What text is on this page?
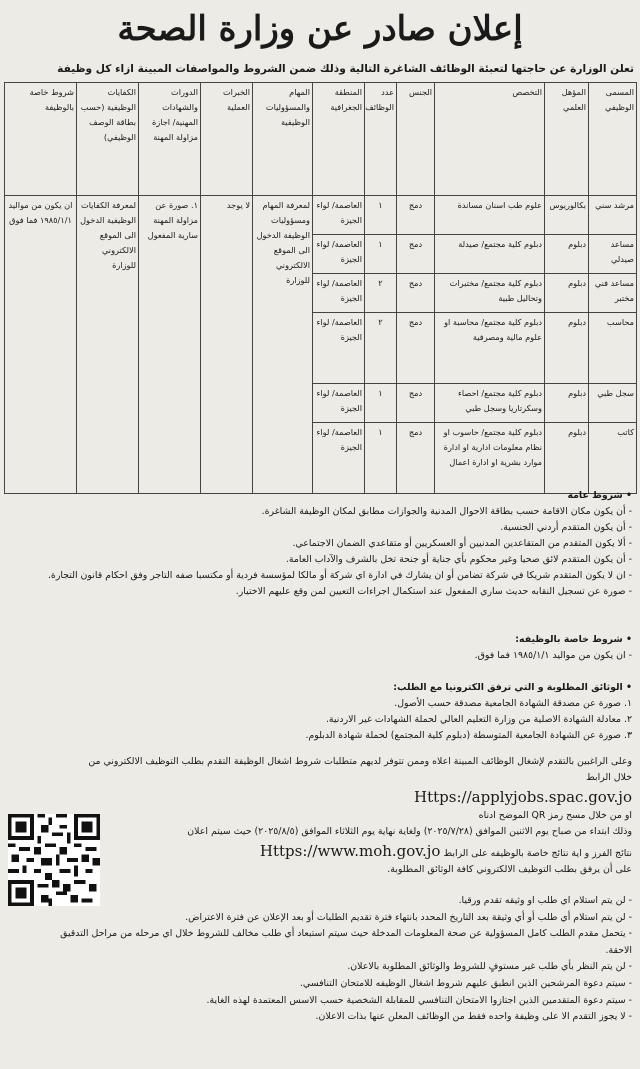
إعلان صادر عن وزارة الصحة
تعلن الوزارة عن حاجتها لتعبئة الوظائف الشاغرة التالية وذلك ضمن الشروط والمواصفات المبينة ازاء كل وظيفة
المسمى الوظيفي	المؤهل العلمي	التخصص	الجنس	عدد الوظائف	المنطقة الجغرافية	المهام والمسؤوليات الوظيفية	الخبرات العملية	الدورات والشهادات المهنية/ اجازة مزاولة المهنة	الكفايات الوظيفية (حسب بطاقة الوصف الوظيفي)	شروط خاصة بالوظيفة
مرشد سني	بكالوريوس	علوم طب اسنان مساندة	دمج	١	العاصمة/ لواء الجيزة	لمعرفة المهام ومسؤوليات الوظيفة الدخول الى الموقع الالكتروني للوزارة	لا يوجد	١. صورة عن مزاولة المهنة سارية المفعول	لمعرفة الكفايات الوظيفية الدخول الى الموقع الالكتروني للوزارة	ان يكون من مواليد ١٩٨٥/١/١ فما فوق
مساعد صيدلي	دبلوم	دبلوم كلية مجتمع/ صيدلة	دمج	١	العاصمة/ لواء الجيزة					
مساعد فني مختبر	دبلوم	دبلوم كلية مجتمع/ مختبرات وتحاليل طبية	دمج	٢	العاصمة/ لواء الجيزة					
محاسب	دبلوم	دبلوم كلية مجتمع/ محاسبة او علوم مالية ومصرفية	دمج	٢	العاصمة/ لواء الجيزة					
سجل طبي	دبلوم	دبلوم كلية مجتمع/ احصاء وسكرتاريا وسجل طبي	دمج	١	العاصمة/ لواء الجيزة					
كاتب	دبلوم	دبلوم كلية مجتمع/ حاسوب او نظام معلومات ادارية او ادارة موارد بشرية او ادارة اعمال	دمج	١	العاصمة/ لواء الجيزة					

• شروط عامة

- أن يكون مكان الاقامة حسب بطاقة الاحوال المدنية والجوازات مطابق لمكان الوظيفة الشاغرة.

- أن يكون المتقدم أردني الجنسية.

- ألا يكون المتقدم من المتقاعدين المدنيين أو العسكريين أو متقاعدي الضمان الاجتماعي.

- أن يكون المتقدم لائق صحيا وغير محكوم بأي جناية أو جنحة تخل بالشرف والآداب العامة.

- ان لا يكون المتقدم شريكا في شركة تضامن أو ان يشارك في ادارة اي شركة أو مالكا لمؤسسة فردية أو مكتسبا صفه التاجر وفق احكام قانون التجارة.

- صورة عن تسجيل النقابه حديث ساري المفعول عند استكمال اجراءات التعيين لمن وقع عليهم الاختيار.

• شروط خاصة بالوظيفه:

- ان يكون من مواليد ١٩٨٥/١/١ فما فوق.

• الوثائق المطلوبة و التي ترفق الكترونيا مع الطلب:

١. صورة عن مصدقة الشهادة الجامعية مصدقة حسب الأصول.

٢. معادلة الشهادة الاصلية من وزارة التعليم العالي لحملة الشهادات غير الاردنية.

٣. صورة عن الشهادة الجامعية المتوسطة (دبلوم كلية المجتمع) لحملة شهادة الدبلوم.

وعلى الراغبين بالتقدم لإشغال الوظائف المبينة اعلاه وممن تتوفر لديهم متطلبات شروط اشغال الوظيفة التقدم بطلب التوظيف الالكتروني من

خلال الرابط

Https://applyjobs.spac.gov.jo

او من خلال مسح رمز QR الموضح ادناه

وذلك ابتداء من صباح يوم الاثنين الموافق (٢٠٢٥/٧/٢٨) ولغاية نهاية يوم الثلاثاء الموافق (٢٠٢٥/٨/٥) حيث سيتم اعلان

نتائج الفرز و اية نتائج خاصة بالوظيفه على الرابط Https://www.moh.gov.jo

على أن يرفق بطلب التوظيف الالكتروني كافة الوثائق المطلوبة.

- لن يتم استلام اي طلب او وثيقه تقدم ورقيا.

- لن يتم استلام أي طلب أو أي وثيقة بعد التاريخ المحدد بانتهاء فترة تقديم الطلبات أو بعد الإعلان عن فترة الاعتراض.

- يتحمل مقدم الطلب كامل المسؤولية عن صحة المعلومات المدخلة حيث سيتم استبعاد أي طلب مخالف للشروط خلال اي مرحله من مراحل التدقيق

الاحقة.

- لن يتم النظر بأي طلب غير مستوفٍ للشروط والوثائق المطلوبة بالاعلان.

- سيتم دعوة المرشحين الذين انطبق عليهم شروط اشغال الوظيفه للامتحان التنافسي.

- سيتم دعوة المتقدمين الذين اجتازوا الامتحان التنافسي للمقابلة الشخصية حسب الاسس المعتمدة لهذه الغاية.

- لا يجوز التقدم الا على وظيفة واحده فقط من الوظائف المعلن عنها بذات الاعلان.
